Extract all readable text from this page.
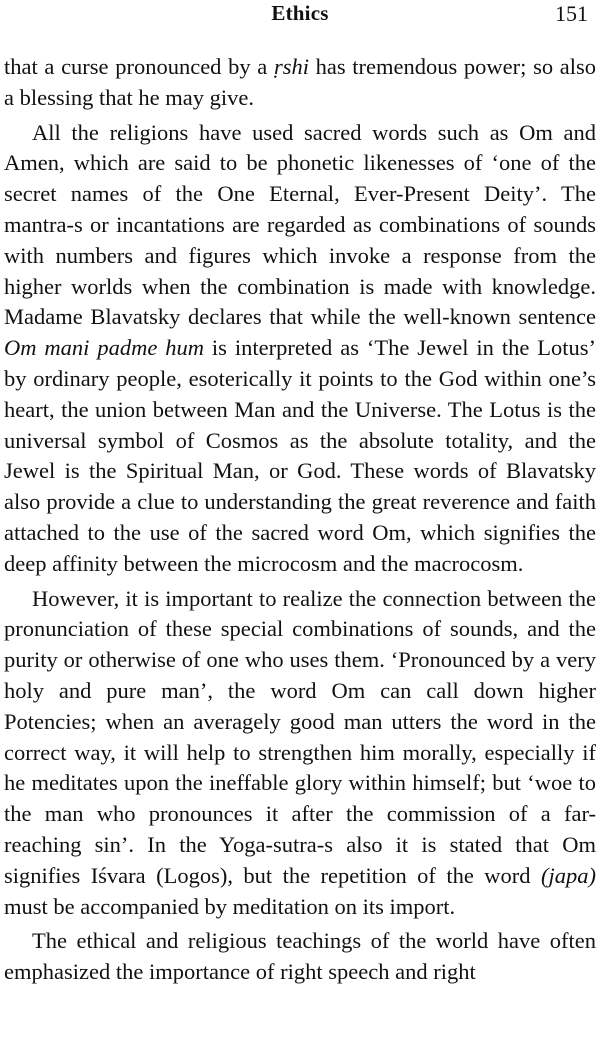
Ethics	151

that a curse pronounced by a ṛshi has tremendous power; so also a blessing that he may give.

All the religions have used sacred words such as Om and Amen, which are said to be phonetic likenesses of ‘one of the secret names of the One Eternal, Ever-Present Deity’. The mantra-s or incantations are regarded as combinations of sounds with numbers and figures which invoke a response from the higher worlds when the combination is made with knowledge. Madame Blavatsky declares that while the well-known sentence Om mani padme hum is interpreted as ‘The Jewel in the Lotus’ by ordinary people, esoterically it points to the God within one’s heart, the union between Man and the Universe. The Lotus is the universal symbol of Cosmos as the absolute totality, and the Jewel is the Spiritual Man, or God. These words of Blavatsky also provide a clue to understanding the great reverence and faith attached to the use of the sacred word Om, which signifies the deep affinity between the microcosm and the macrocosm.

However, it is important to realize the connection between the pronunciation of these special combinations of sounds, and the purity or otherwise of one who uses them. ‘Pronounced by a very holy and pure man’, the word Om can call down higher Potencies; when an averagely good man utters the word in the correct way, it will help to strengthen him morally, especially if he meditates upon the ineffable glory within himself; but ‘woe to the man who pronounces it after the commission of a far-reaching sin’. In the Yoga-sutra-s also it is stated that Om signifies Iśvara (Logos), but the repetition of the word (japa) must be accompanied by meditation on its import.

The ethical and religious teachings of the world have often emphasized the importance of right speech and right
